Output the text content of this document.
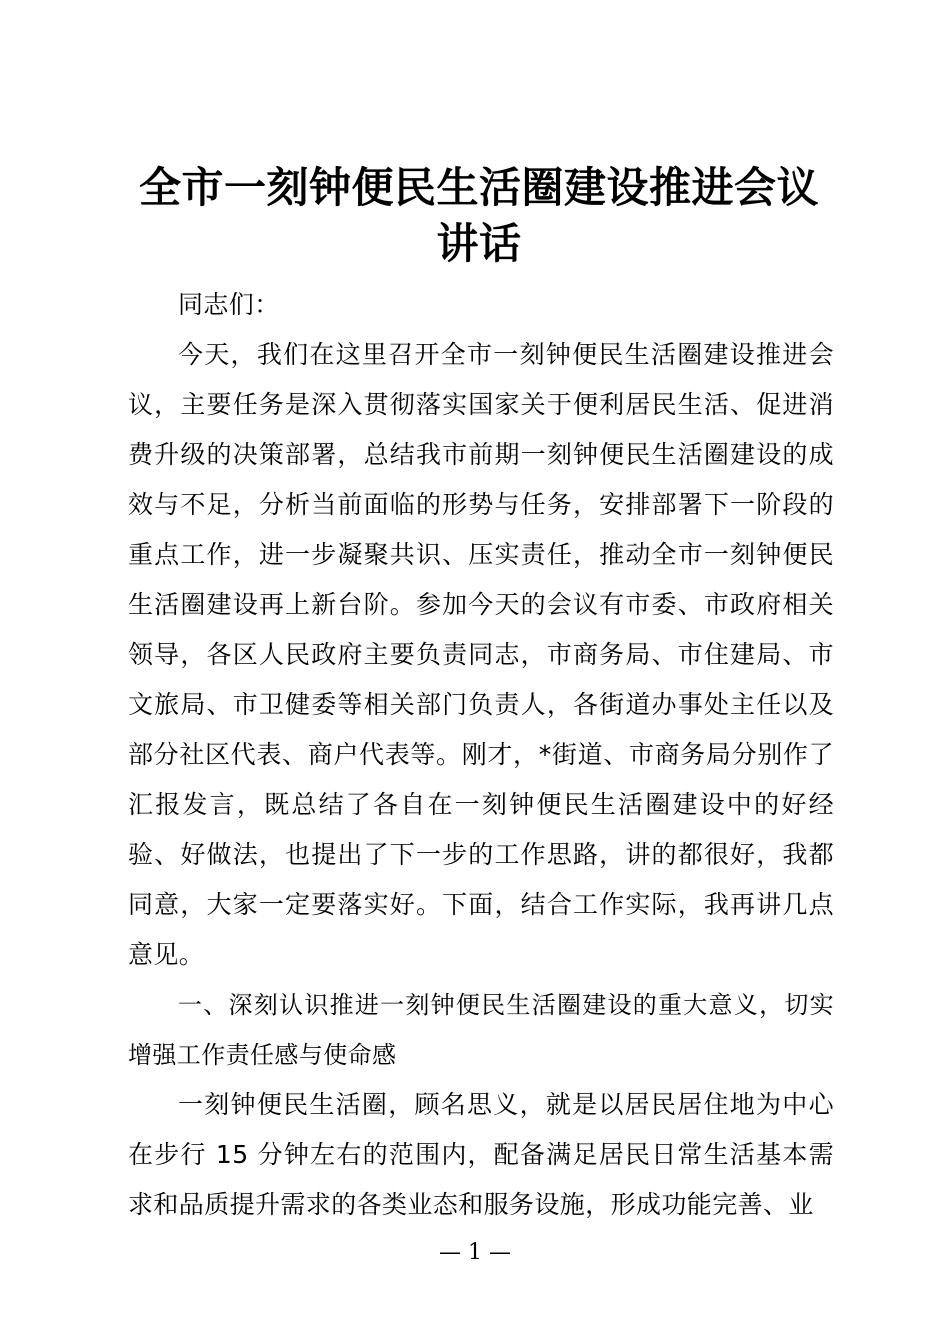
全市一刻钟便民生活圈建设推进会议讲话

同志们：

今天，我们在这里召开全市一刻钟便民生活圈建设推进会议，主要任务是深入贯彻落实国家关于便利居民生活、促进消费升级的决策部署，总结我市前期一刻钟便民生活圈建设的成效与不足，分析当前面临的形势与任务，安排部署下一阶段的重点工作，进一步凝聚共识、压实责任，推动全市一刻钟便民生活圈建设再上新台阶。参加今天的会议有市委、市政府相关领导，各区人民政府主要负责同志，市商务局、市住建局、市文旅局、市卫健委等相关部门负责人，各街道办事处主任以及部分社区代表、商户代表等。刚才，*街道、市商务局分别作了汇报发言，既总结了各自在一刻钟便民生活圈建设中的好经验、好做法，也提出了下一步的工作思路，讲的都很好，我都同意，大家一定要落实好。下面，结合工作实际，我再讲几点意见。

一、深刻认识推进一刻钟便民生活圈建设的重大意义，切实增强工作责任感与使命感

一刻钟便民生活圈，顾名思义，就是以居民居住地为中心在步行 15 分钟左右的范围内，配备满足居民日常生活基本需求和品质提升需求的各类业态和服务设施，形成功能完善、业

— 1 —
